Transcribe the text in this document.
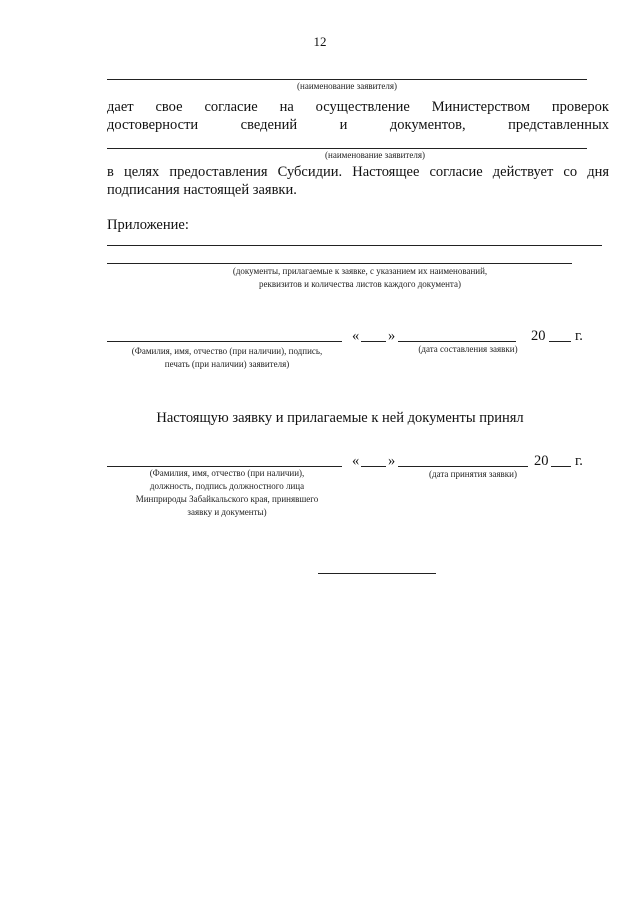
12
(наименование заявителя)
дает свое согласие на осуществление Министерством проверок
достоверности	сведений	и	документов,	представленных
(наименование заявителя)
в целях предоставления Субсидии. Настоящее согласие действует со дня
подписания настоящей заявки.
Приложение:
(документы, прилагаемые к заявке, с указанием их наименований,
реквизитов и количества листов каждого документа)
« »	20 г.
(Фамилия, имя, отчество (при наличии), подпись,
печать (при наличии) заявителя)
(дата составления заявки)
Настоящую заявку и прилагаемые к ней документы принял
« »	20 г.
(Фамилия, имя, отчество (при наличии),
должность, подпись должностного лица
Минприроды Забайкальского края, принявшего
заявку и документы)
(дата принятия заявки)
